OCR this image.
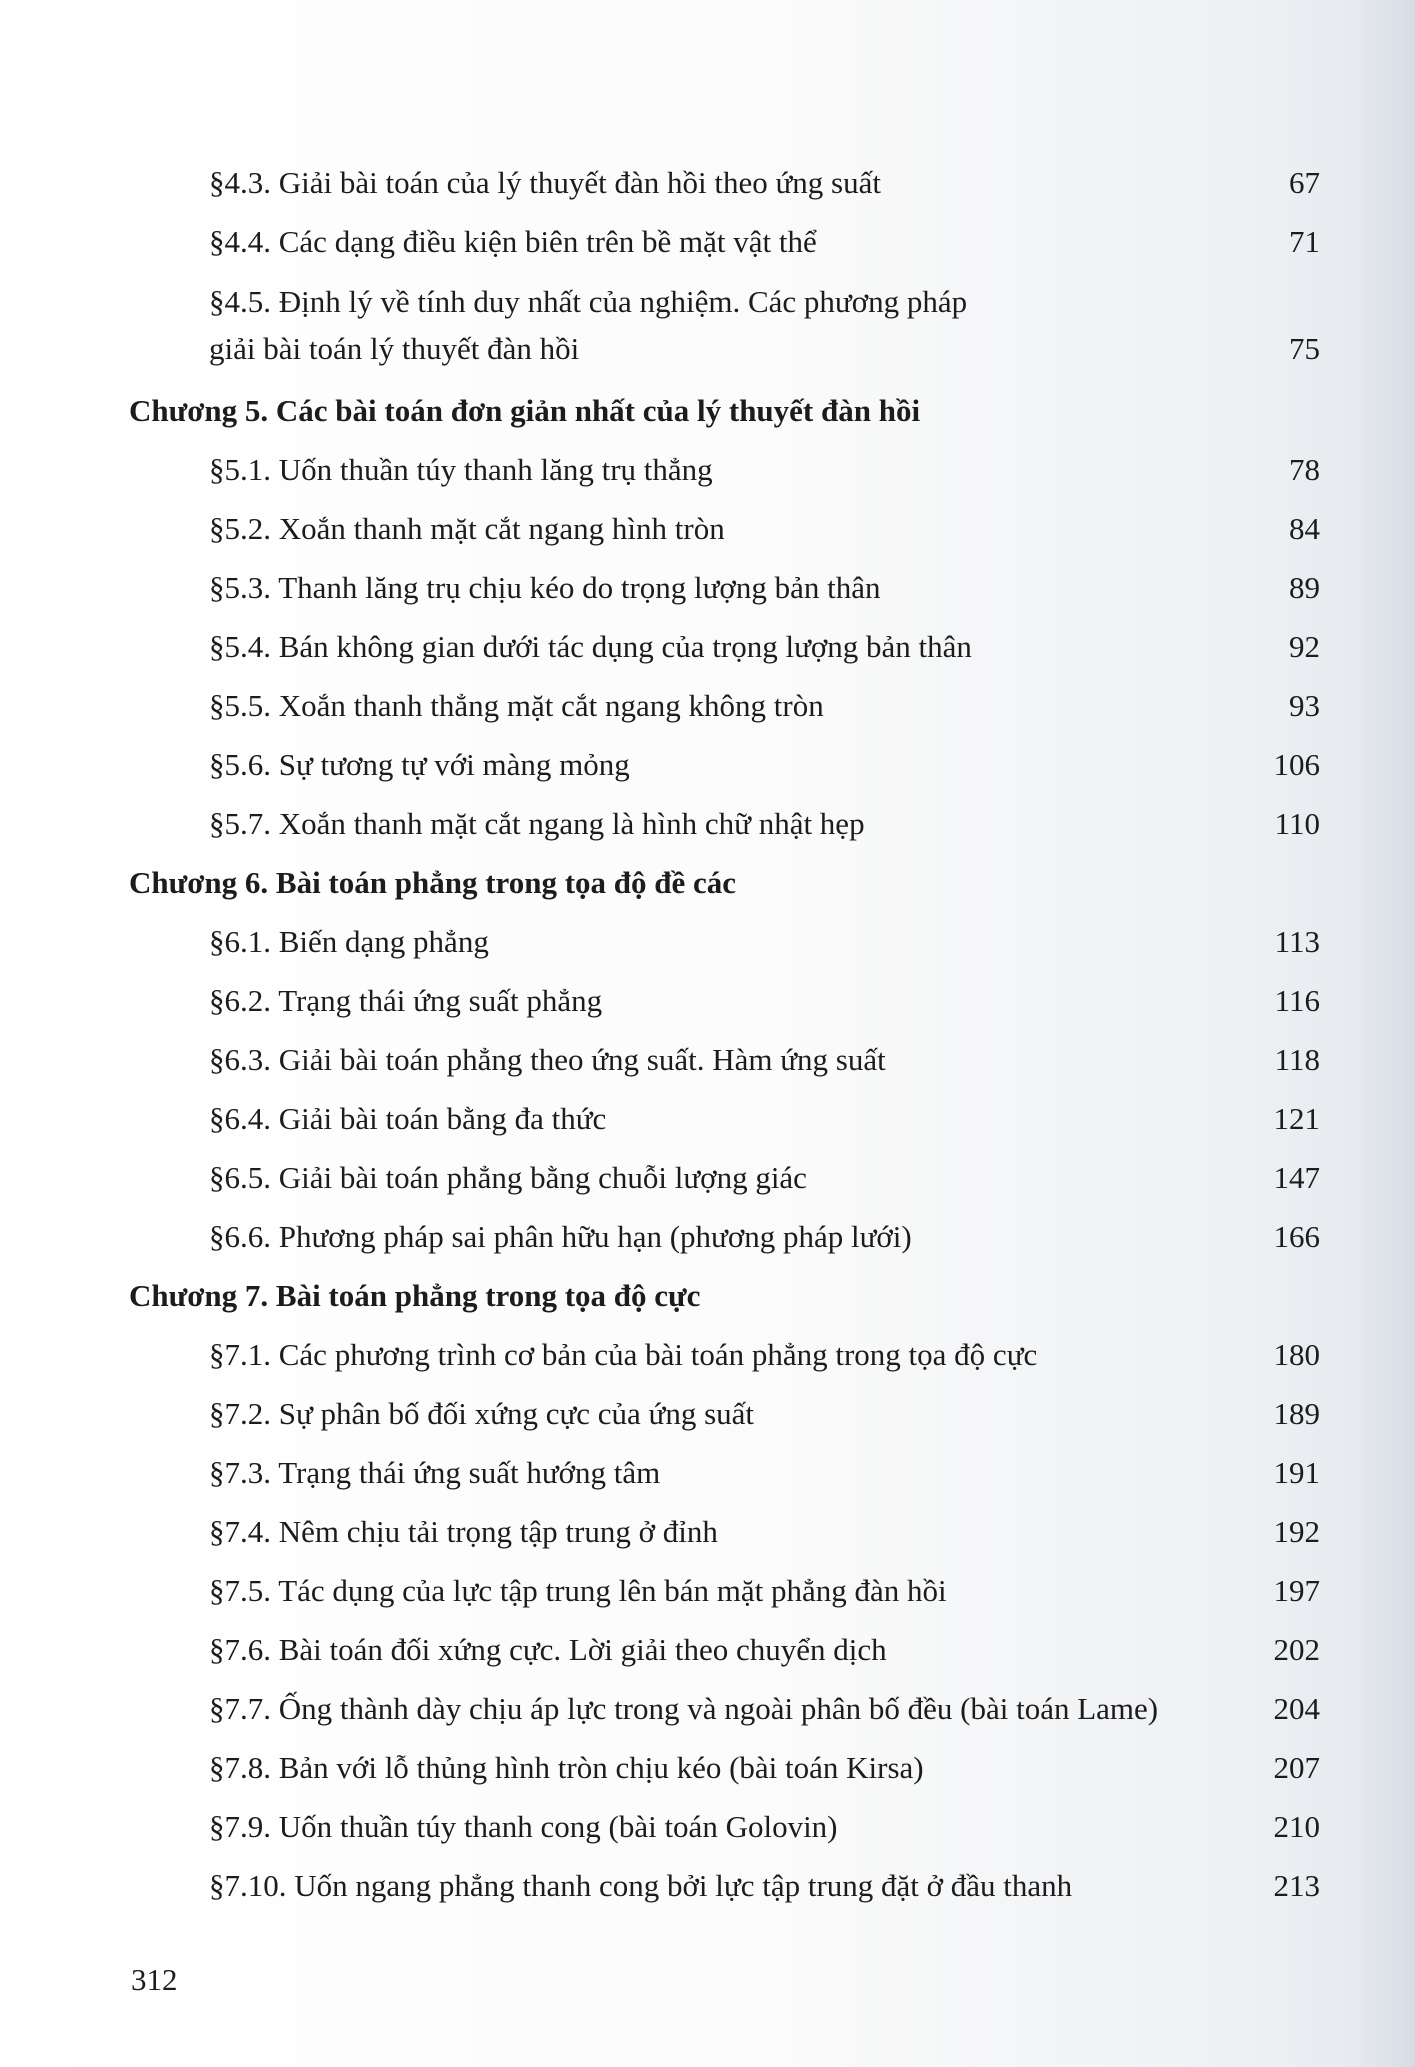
§4.3. Giải bài toán của lý thuyết đàn hồi theo ứng suất	67
§4.4. Các dạng điều kiện biên trên bề mặt vật thể	71
§4.5. Định lý về tính duy nhất của nghiệm. Các phương pháp
giải bài toán lý thuyết đàn hồi	75
Chương 5. Các bài toán đơn giản nhất của lý thuyết đàn hồi
§5.1. Uốn thuần túy thanh lăng trụ thẳng	78
§5.2. Xoắn thanh mặt cắt ngang hình tròn	84
§5.3. Thanh lăng trụ chịu kéo do trọng lượng bản thân	89
§5.4. Bán không gian dưới tác dụng của trọng lượng bản thân	92
§5.5. Xoắn thanh thẳng mặt cắt ngang không tròn	93
§5.6. Sự tương tự với màng mỏng	106
§5.7. Xoắn thanh mặt cắt ngang là hình chữ nhật hẹp	110
Chương 6. Bài toán phẳng trong tọa độ đề các
§6.1. Biến dạng phẳng	113
§6.2. Trạng thái ứng suất phẳng	116
§6.3. Giải bài toán phẳng theo ứng suất. Hàm ứng suất	118
§6.4. Giải bài toán bằng đa thức	121
§6.5. Giải bài toán phẳng bằng chuỗi lượng giác	147
§6.6. Phương pháp sai phân hữu hạn (phương pháp lưới)	166
Chương 7. Bài toán phẳng trong tọa độ cực
§7.1. Các phương trình cơ bản của bài toán phẳng trong tọa độ cực	180
§7.2. Sự phân bố đối xứng cực của ứng suất	189
§7.3. Trạng thái ứng suất hướng tâm	191
§7.4. Nêm chịu tải trọng tập trung ở đỉnh	192
§7.5. Tác dụng của lực tập trung lên bán mặt phẳng đàn hồi	197
§7.6. Bài toán đối xứng cực. Lời giải theo chuyển dịch	202
§7.7. Ống thành dày chịu áp lực trong và ngoài phân bố đều (bài toán Lame)	204
§7.8. Bản với lỗ thủng hình tròn chịu kéo (bài toán Kirsa)	207
§7.9. Uốn thuần túy thanh cong (bài toán Golovin)	210
§7.10. Uốn ngang phẳng thanh cong bởi lực tập trung đặt ở đầu thanh	213
312
